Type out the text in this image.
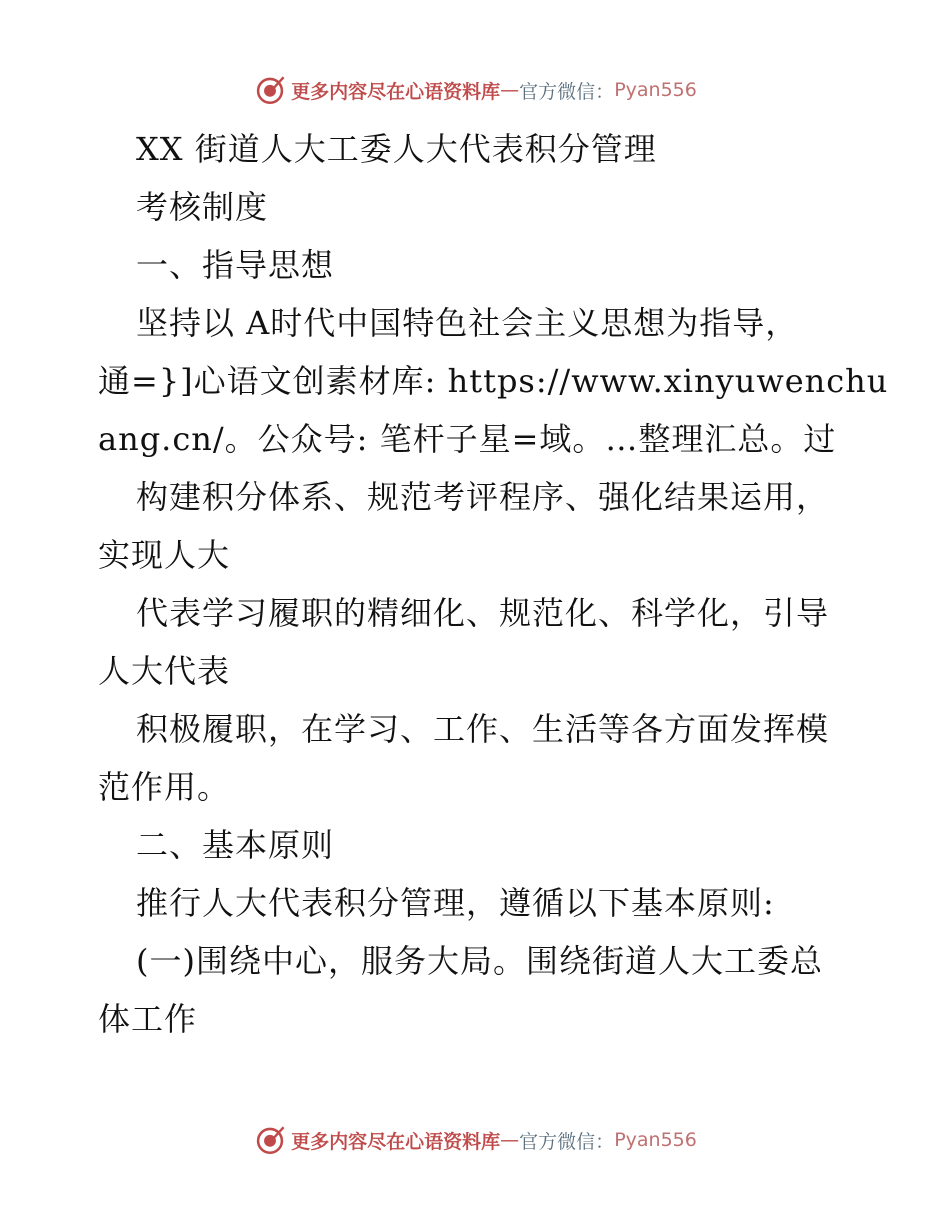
更多内容尽在心语资料库 — 官方微信： Pyan556
XX 街道人大工委人大代表积分管理
考核制度
一、指导思想
坚持以 A时代中国特色社会主义思想为指导，
通=}]心语文创素材库: https://www.xinyuwenchu
ang.cn/。公众号: 笔杆子星=域。…整理汇总。过
构建积分体系、规范考评程序、强化结果运用，
实现人大
代表学习履职的精细化、规范化、科学化，引导
人大代表
积极履职，在学习、工作、生活等各方面发挥模
范作用。
二、基本原则
推行人大代表积分管理，遵循以下基本原则:
(一)围绕中心，服务大局。围绕街道人大工委总
体工作
更多内容尽在心语资料库 — 官方微信： Pyan556
